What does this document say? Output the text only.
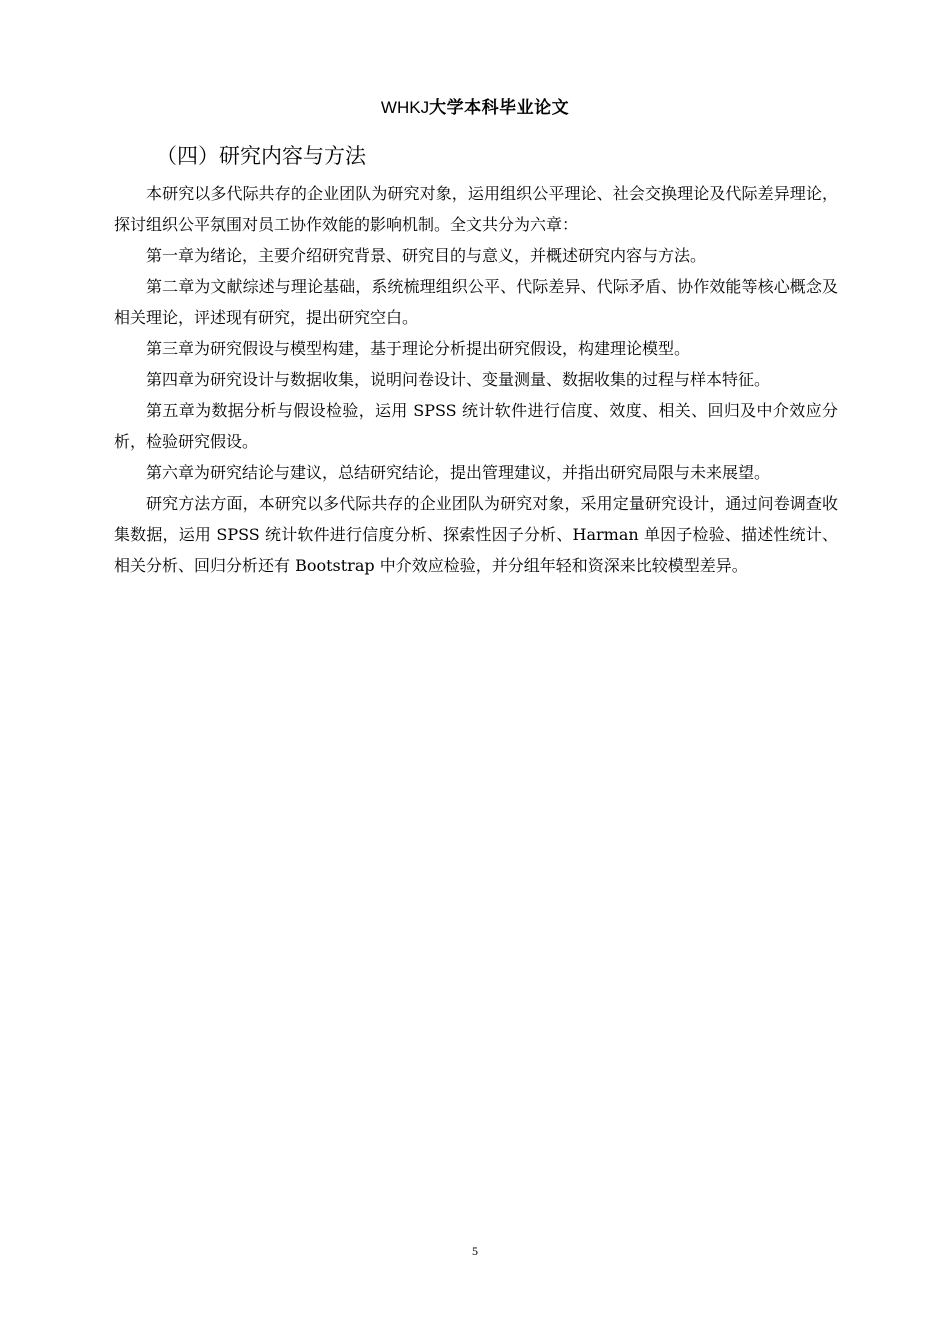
WHKJ大学本科毕业论文
（四）研究内容与方法

本研究以多代际共存的企业团队为研究对象，运用组织公平理论、社会交换理论及代际差异理论，探讨组织公平氛围对员工协作效能的影响机制。全文共分为六章：

第一章为绪论，主要介绍研究背景、研究目的与意义，并概述研究内容与方法。

第二章为文献综述与理论基础，系统梳理组织公平、代际差异、代际矛盾、协作效能等核心概念及相关理论，评述现有研究，提出研究空白。

第三章为研究假设与模型构建，基于理论分析提出研究假设，构建理论模型。

第四章为研究设计与数据收集，说明问卷设计、变量测量、数据收集的过程与样本特征。

第五章为数据分析与假设检验，运用 SPSS 统计软件进行信度、效度、相关、回归及中介效应分析，检验研究假设。

第六章为研究结论与建议，总结研究结论，提出管理建议，并指出研究局限与未来展望。

研究方法方面，本研究以多代际共存的企业团队为研究对象，采用定量研究设计，通过问卷调查收集数据，运用 SPSS 统计软件进行信度分析、探索性因子分析、Harman 单因子检验、描述性统计、相关分析、回归分析还有 Bootstrap 中介效应检验，并分组年轻和资深来比较模型差异。

5
